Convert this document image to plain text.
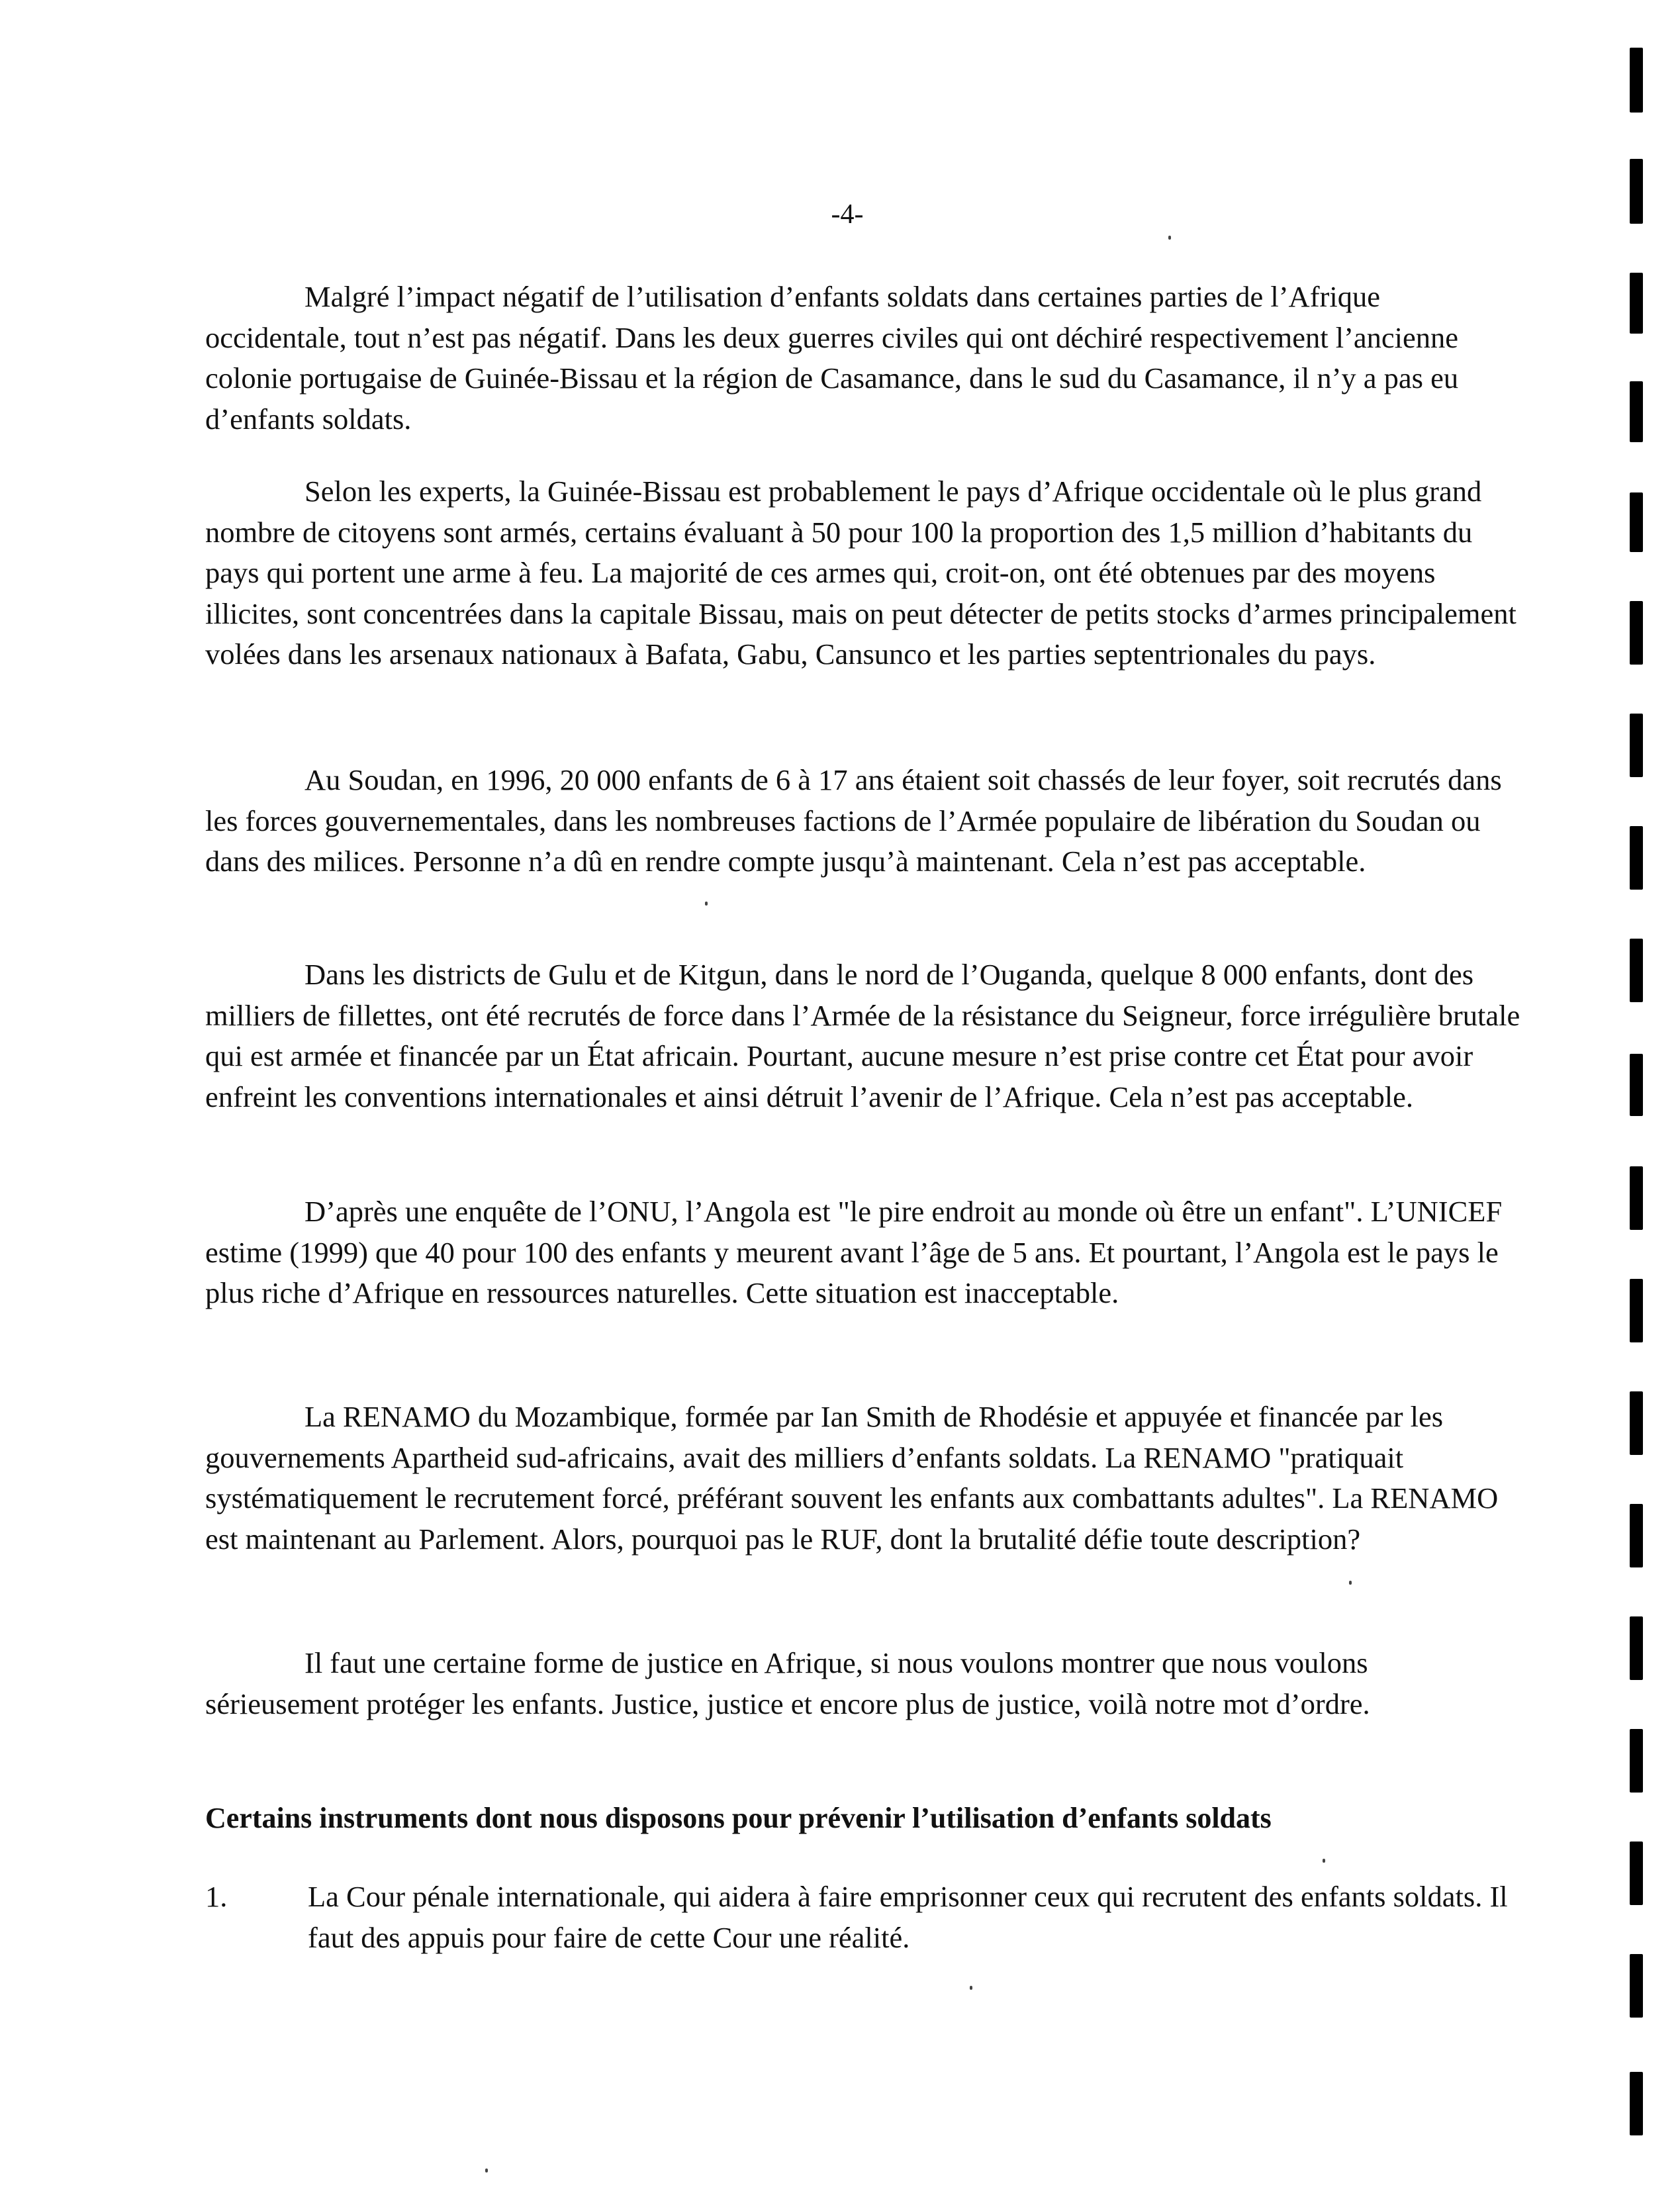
-4-

Malgré l’impact négatif de l’utilisation d’enfants soldats dans certaines parties de l’Afrique occidentale, tout n’est pas négatif. Dans les deux guerres civiles qui ont déchiré respectivement l’ancienne colonie portugaise de Guinée-Bissau et la région de Casamance, dans le sud du Casamance, il n’y a pas eu d’enfants soldats.

Selon les experts, la Guinée-Bissau est probablement le pays d’Afrique occidentale où le plus grand nombre de citoyens sont armés, certains évaluant à 50 pour 100 la proportion des 1,5 million d’habitants du pays qui portent une arme à feu. La majorité de ces armes qui, croit-on, ont été obtenues par des moyens illicites, sont concentrées dans la capitale Bissau, mais on peut détecter de petits stocks d’armes principalement volées dans les arsenaux nationaux à Bafata, Gabu, Cansunco et les parties septentrionales du pays.

Au Soudan, en 1996, 20 000 enfants de 6 à 17 ans étaient soit chassés de leur foyer, soit recrutés dans les forces gouvernementales, dans les nombreuses factions de l’Armée populaire de libération du Soudan ou dans des milices. Personne n’a dû en rendre compte jusqu’à maintenant. Cela n’est pas acceptable.

Dans les districts de Gulu et de Kitgun, dans le nord de l’Ouganda, quelque 8 000 enfants, dont des milliers de fillettes, ont été recrutés de force dans l’Armée de la résistance du Seigneur, force irrégulière brutale qui est armée et financée par un État africain. Pourtant, aucune mesure n’est prise contre cet État pour avoir enfreint les conventions internationales et ainsi détruit l’avenir de l’Afrique. Cela n’est pas acceptable.

D’après une enquête de l’ONU, l’Angola est "le pire endroit au monde où être un enfant". L’UNICEF estime (1999) que 40 pour 100 des enfants y meurent avant l’âge de 5 ans. Et pourtant, l’Angola est le pays le plus riche d’Afrique en ressources naturelles. Cette situation est inacceptable.

La RENAMO du Mozambique, formée par Ian Smith de Rhodésie et appuyée et financée par les gouvernements Apartheid sud-africains, avait des milliers d’enfants soldats. La RENAMO "pratiquait systématiquement le recrutement forcé, préférant souvent les enfants aux combattants adultes". La RENAMO est maintenant au Parlement. Alors, pourquoi pas le RUF, dont la brutalité défie toute description?

Il faut une certaine forme de justice en Afrique, si nous voulons montrer que nous voulons sérieusement protéger les enfants. Justice, justice et encore plus de justice, voilà notre mot d’ordre.

Certains instruments dont nous disposons pour prévenir l’utilisation d’enfants soldats

1.	La Cour pénale internationale, qui aidera à faire emprisonner ceux qui recrutent des enfants soldats. Il faut des appuis pour faire de cette Cour une réalité.
